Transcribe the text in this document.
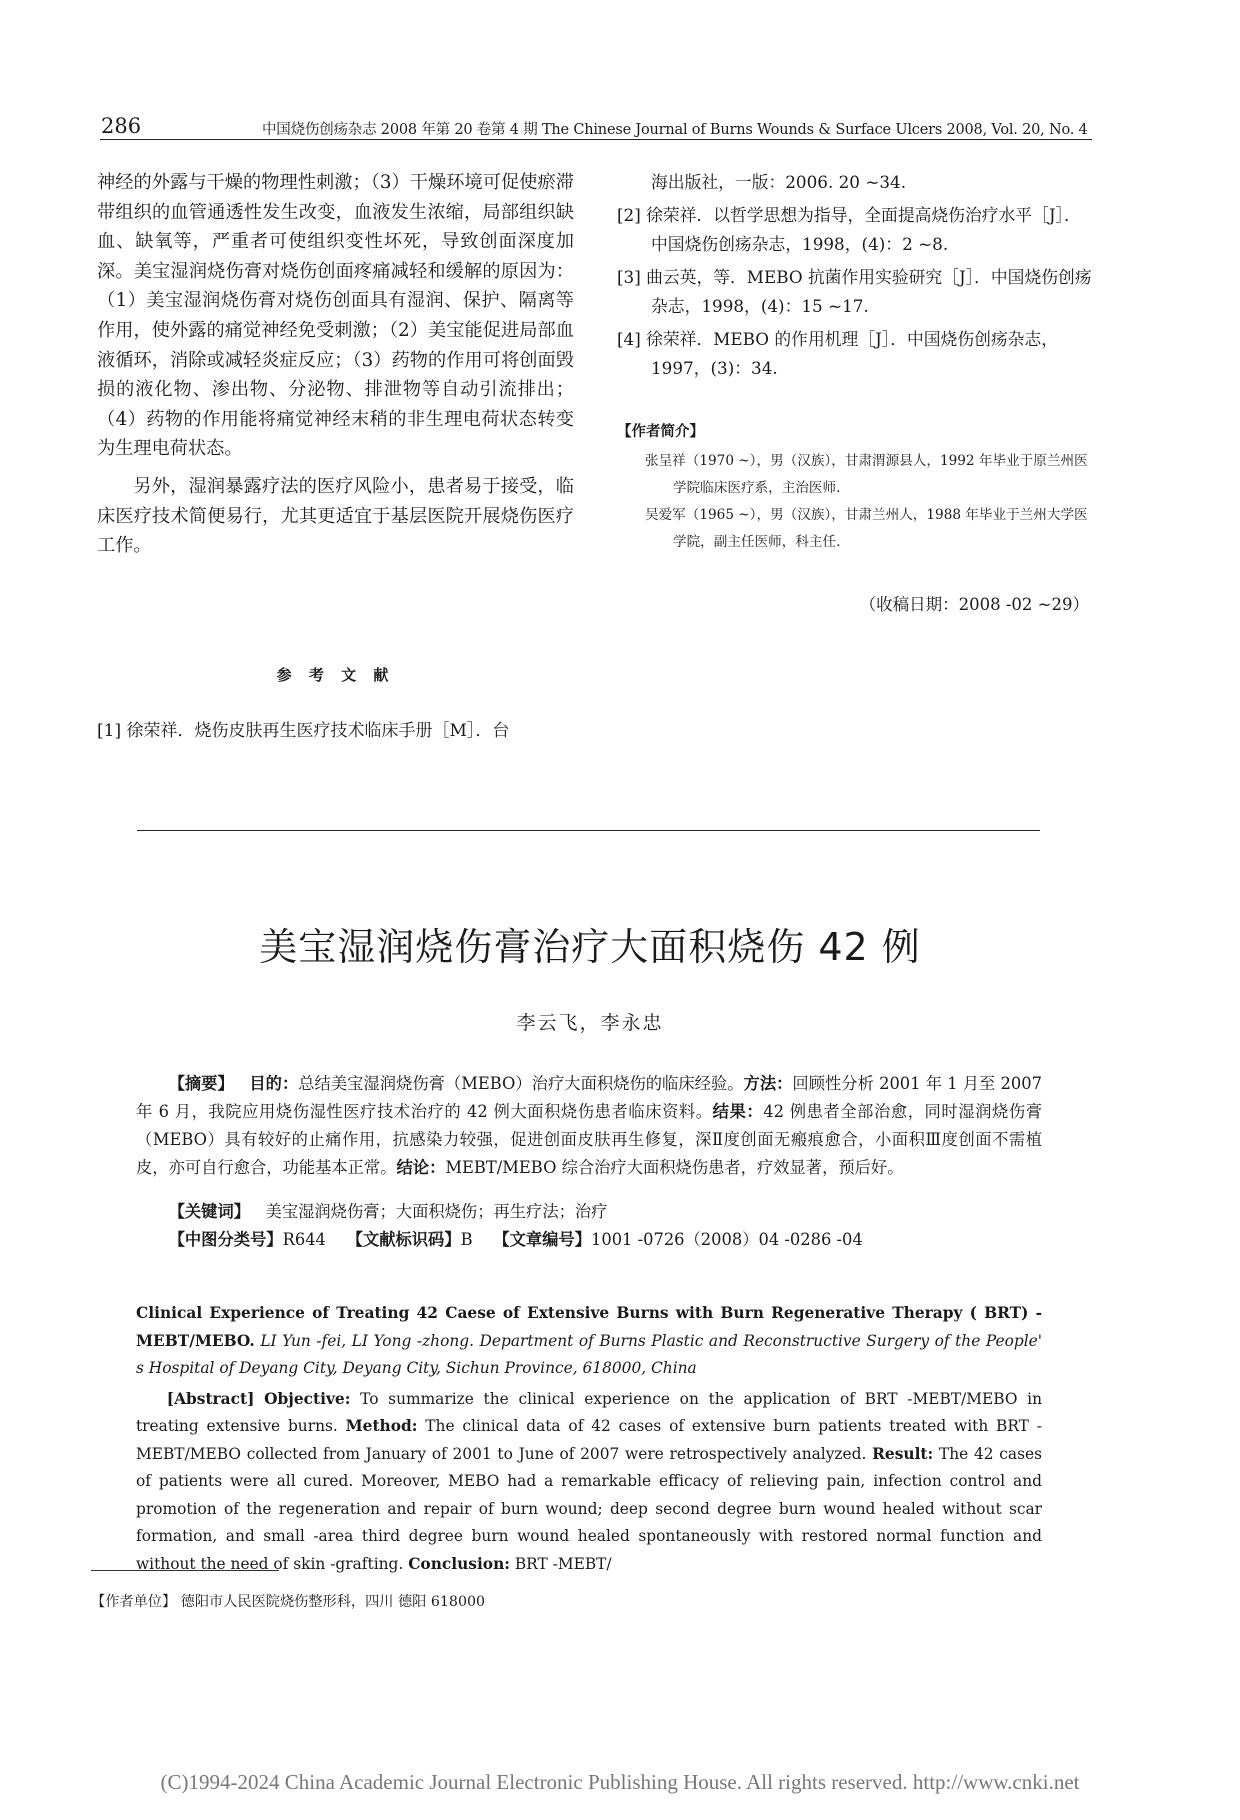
286	中国烧伤创疡杂志 2008 年第 20 卷第 4 期 The Chinese Journal of Burns Wounds & Surface Ulcers 2008, Vol. 20, No. 4

神经的外露与干燥的物理性刺激；（3）干燥环境可促使瘀滞带组织的血管通透性发生改变，血液发生浓缩，局部组织缺血、缺氧等，严重者可使组织变性坏死，导致创面深度加深。美宝湿润烧伤膏对烧伤创面疼痛减轻和缓解的原因为：（1）美宝湿润烧伤膏对烧伤创面具有湿润、保护、隔离等作用，使外露的痛觉神经免受刺激；（2）美宝能促进局部血液循环，消除或减轻炎症反应；（3）药物的作用可将创面毁损的液化物、渗出物、分泌物、排泄物等自动引流排出；（4）药物的作用能将痛觉神经末稍的非生理电荷状态转变为生理电荷状态。

另外，湿润暴露疗法的医疗风险小，患者易于接受，临床医疗技术简便易行，尤其更适宜于基层医院开展烧伤医疗工作。

参 考 文 献
[1] 徐荣祥．烧伤皮肤再生医疗技术临床手册［M］．台

海出版社，一版：2006. 20 ~34.

[2] 徐荣祥．以哲学思想为指导，全面提高烧伤治疗水平［J］．中国烧伤创疡杂志，1998，(4)：2 ~8.

[3] 曲云英，等．MEBO 抗菌作用实验研究［J］．中国烧伤创疡杂志，1998，(4)：15 ~17.

[4] 徐荣祥．MEBO 的作用机理［J］．中国烧伤创疡杂志，1997，(3)：34.

【作者简介】

张呈祥（1970 ~），男（汉族），甘肃渭源县人，1992 年毕业于原兰州医学院临床医疗系，主治医师．

吴爱军（1965 ~），男（汉族），甘肃兰州人，1988 年毕业于兰州大学医学院，副主任医师，科主任．

（收稿日期：2008 -02 ~29）
美宝湿润烧伤膏治疗大面积烧伤 42 例
李云飞，李永忠

【摘要】 目的：总结美宝湿润烧伤膏（MEBO）治疗大面积烧伤的临床经验。方法：回顾性分析 2001 年 1 月至 2007 年 6 月，我院应用烧伤湿性医疗技术治疗的 42 例大面积烧伤患者临床资料。结果：42 例患者全部治愈，同时湿润烧伤膏（MEBO）具有较好的止痛作用，抗感染力较强，促进创面皮肤再生修复，深Ⅱ度创面无瘢痕愈合，小面积Ⅲ度创面不需植皮，亦可自行愈合，功能基本正常。结论：MEBT/MEBO 综合治疗大面积烧伤患者，疗效显著，预后好。

【关键词】 美宝湿润烧伤膏；大面积烧伤；再生疗法；治疗
【中图分类号】R644 【文献标识码】B 【文章编号】1001 -0726（2008）04 -0286 -04

Clinical Experience of Treating 42 Caese of Extensive Burns with Burn Regenerative Therapy ( BRT) -MEBT/MEBO. LI Yun -fei, LI Yong -zhong. Department of Burns Plastic and Reconstructive Surgery of the People' s Hospital of Deyang City, Deyang City, Sichun Province, 618000, China

[Abstract] Objective: To summarize the clinical experience on the application of BRT -MEBT/MEBO in treating extensive burns. Method: The clinical data of 42 cases of extensive burn patients treated with BRT -MEBT/MEBO collected from January of 2001 to June of 2007 were retrospectively analyzed. Result: The 42 cases of patients were all cured. Moreover, MEBO had a remarkable efficacy of relieving pain, infection control and promotion of the regeneration and repair of burn wound; deep second degree burn wound healed without scar formation, and small -area third degree burn wound healed spontaneously with restored normal function and without the need of skin -grafting. Conclusion: BRT -MEBT/

【作者单位】 德阳市人民医院烧伤整形科，四川 德阳 618000
(C)1994-2024 China Academic Journal Electronic Publishing House. All rights reserved. http://www.cnki.net
